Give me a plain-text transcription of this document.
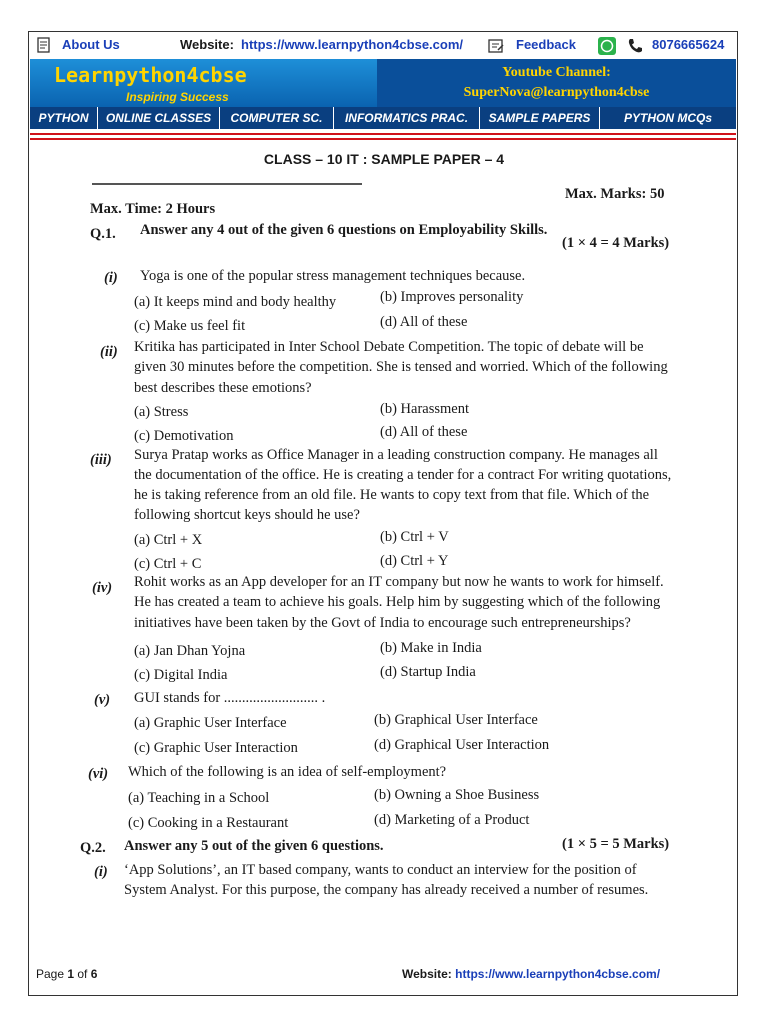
About Us	Website: https://www.learnpython4cbse.com/	Feedback	8076665624
Learnpython4cbse
Inspiring Success
Youtube Channel:
SuperNova@learnpython4cbse
PYTHON	ONLINE CLASSES	COMPUTER SC.	INFORMATICS PRAC.	SAMPLE PAPERS	PYTHON MCQs
CLASS – 10 IT : SAMPLE PAPER – 4
Max. Marks: 50
Max. Time: 2 Hours
Q.1. Answer any 4 out of the given 6 questions on Employability Skills.
(1 × 4 = 4 Marks)
(i) Yoga is one of the popular stress management techniques because.
(a) It keeps mind and body healthy	(b) Improves personality
(c) Make us feel fit	(d) All of these
(ii) Kritika has participated in Inter School Debate Competition. The topic of debate will be
given 30 minutes before the competition. She is tensed and worried. Which of the following
best describes these emotions?
(a) Stress	(b) Harassment
(c) Demotivation	(d) All of these
(iii) Surya Pratap works as Office Manager in a leading construction company. He manages all
the documentation of the office. He is creating a tender for a contract For writing quotations,
he is taking reference from an old file. He wants to copy text from that file. Which of the
following shortcut keys should he use?
(a) Ctrl + X	(b) Ctrl + V
(c) Ctrl + C	(d) Ctrl + Y
(iv) Rohit works as an App developer for an IT company but now he wants to work for himself.
He has created a team to achieve his goals. Help him by suggesting which of the following
initiatives have been taken by the Govt of India to encourage such entrepreneurships?
(a) Jan Dhan Yojna	(b) Make in India
(c) Digital India	(d) Startup India
(v) GUI stands for .......................... .
(a) Graphic User Interface	(b) Graphical User Interface
(c) Graphic User Interaction	(d) Graphical User Interaction
(vi) Which of the following is an idea of self-employment?
(a) Teaching in a School	(b) Owning a Shoe Business
(c) Cooking in a Restaurant	(d) Marketing of a Product
Q.2. Answer any 5 out of the given 6 questions.	(1 × 5 = 5 Marks)
(i) ‘App Solutions’, an IT based company, wants to conduct an interview for the position of
System Analyst. For this purpose, the company has already received a number of resumes.
Page 1 of 6	Website: https://www.learnpython4cbse.com/
